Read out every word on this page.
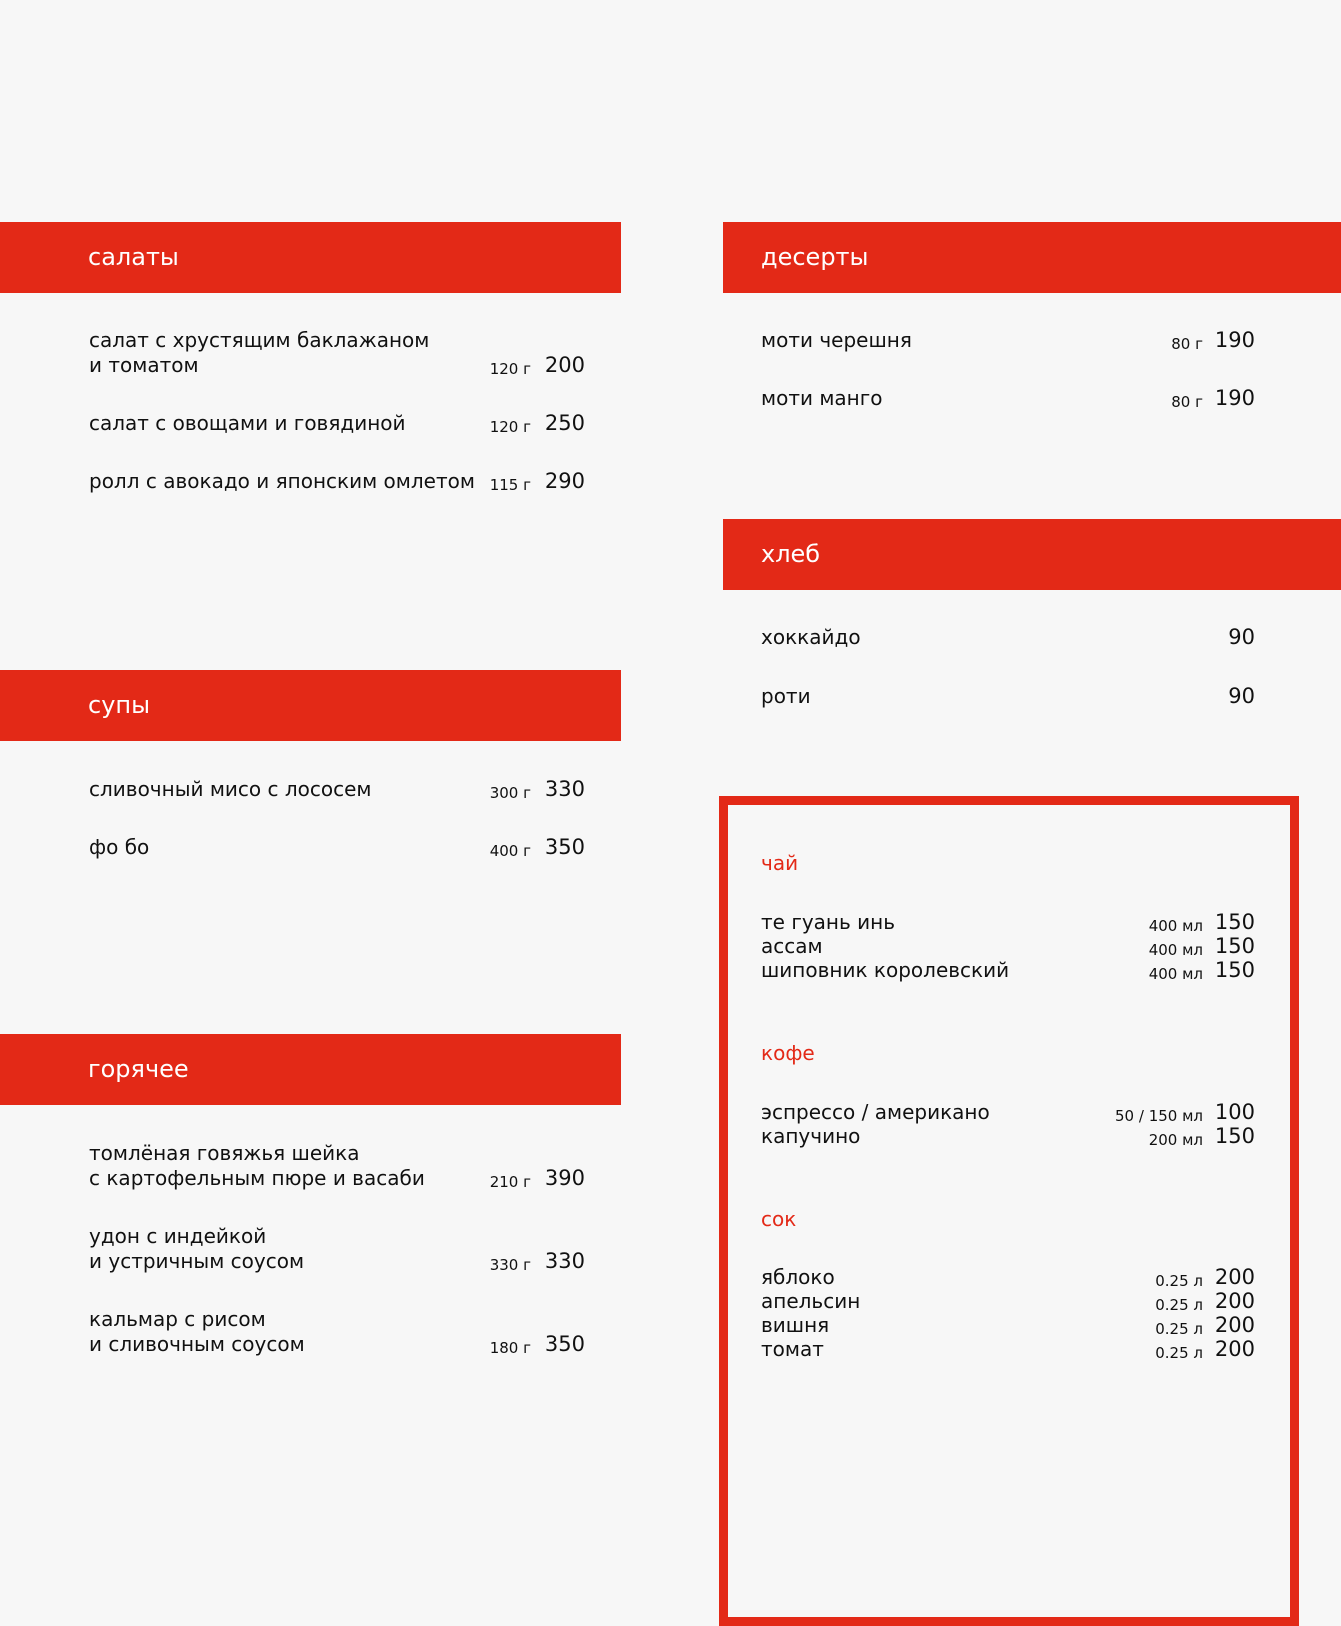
салаты
салат с хрустящим баклажаном
и томатом	120 г 200
салат с овощами и говядиной	120 г 250
ролл с авокадо и японским омлетом 115 г 290
супы
сливочный мисо с лососем	300 г 330
фо бо	400 г 350
горячее
томлёная говяжья шейка
с картофельным пюре и васаби	210 г 390
удон с индейкой
и устричным соусом	330 г 330
кальмар с рисом
и сливочным соусом	180 г 350
десерты
моти черешня	80 г 190
моти манго	80 г 190
хлеб
хоккайдо	90
роти	90
чай
те гуань инь	400 мл 150
ассам	400 мл 150
шиповник королевский	400 мл 150
кофе
эспрессо / американо	50 / 150 мл 100
капучино	200 мл 150
сок
яблоко	0.25 л 200
апельсин	0.25 л 200
вишня	0.25 л 200
томат	0.25 л 200
